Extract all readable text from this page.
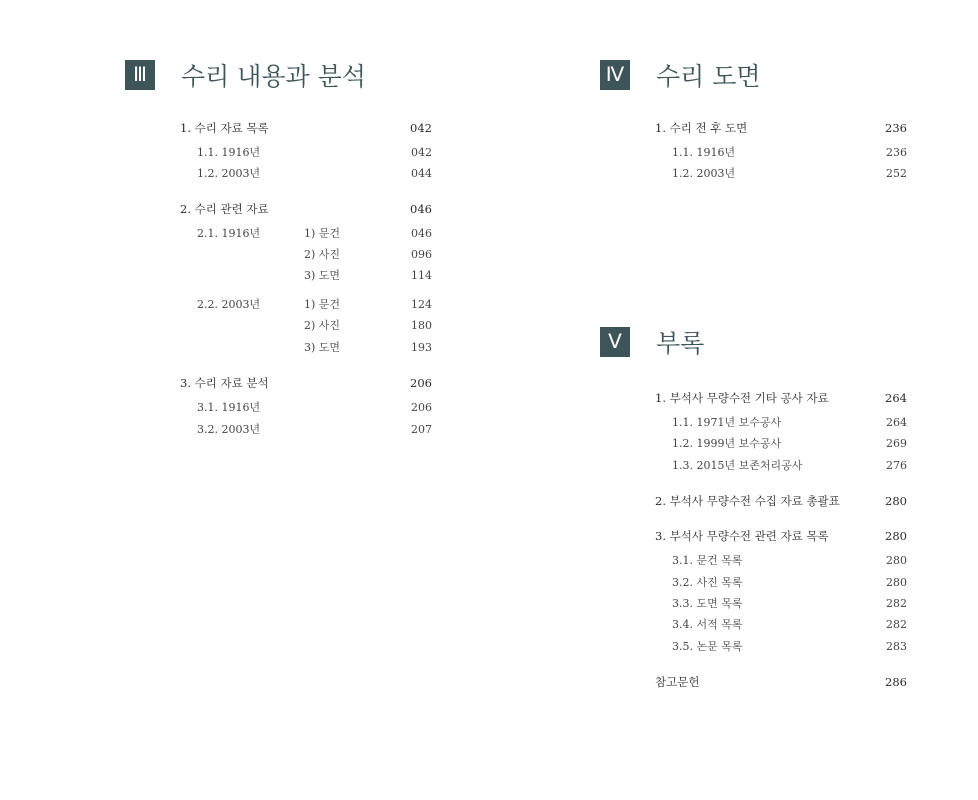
Ⅲ	수리 내용과 분석
1. 수리 자료 목록	042
1.1. 1916년	042
1.2. 2003년	044
2. 수리 관련 자료	046
2.1. 1916년	1) 문건	046
2) 사진	096
3) 도면	114
2.2. 2003년	1) 문건	124
2) 사진	180
3) 도면	193
3. 수리 자료 분석	206
3.1. 1916년	206
3.2. 2003년	207
Ⅳ 수리 도면
1. 수리 전 후 도면	236
1.1. 1916년	236
1.2. 2003년	252
Ⅴ	부록
1. 부석사 무량수전 기타 공사 자료	264
1.1. 1971년 보수공사	264
1.2. 1999년 보수공사	269
1.3. 2015년 보존처리공사	276
2. 부석사 무량수전 수집 자료 총괄표	280
3. 부석사 무량수전 관련 자료 목록	280
3.1. 문건 목록	280
3.2. 사진 목록	280
3.3. 도면 목록	282
3.4. 서적 목록	282
3.5. 논문 목록	283
참고문헌	286
